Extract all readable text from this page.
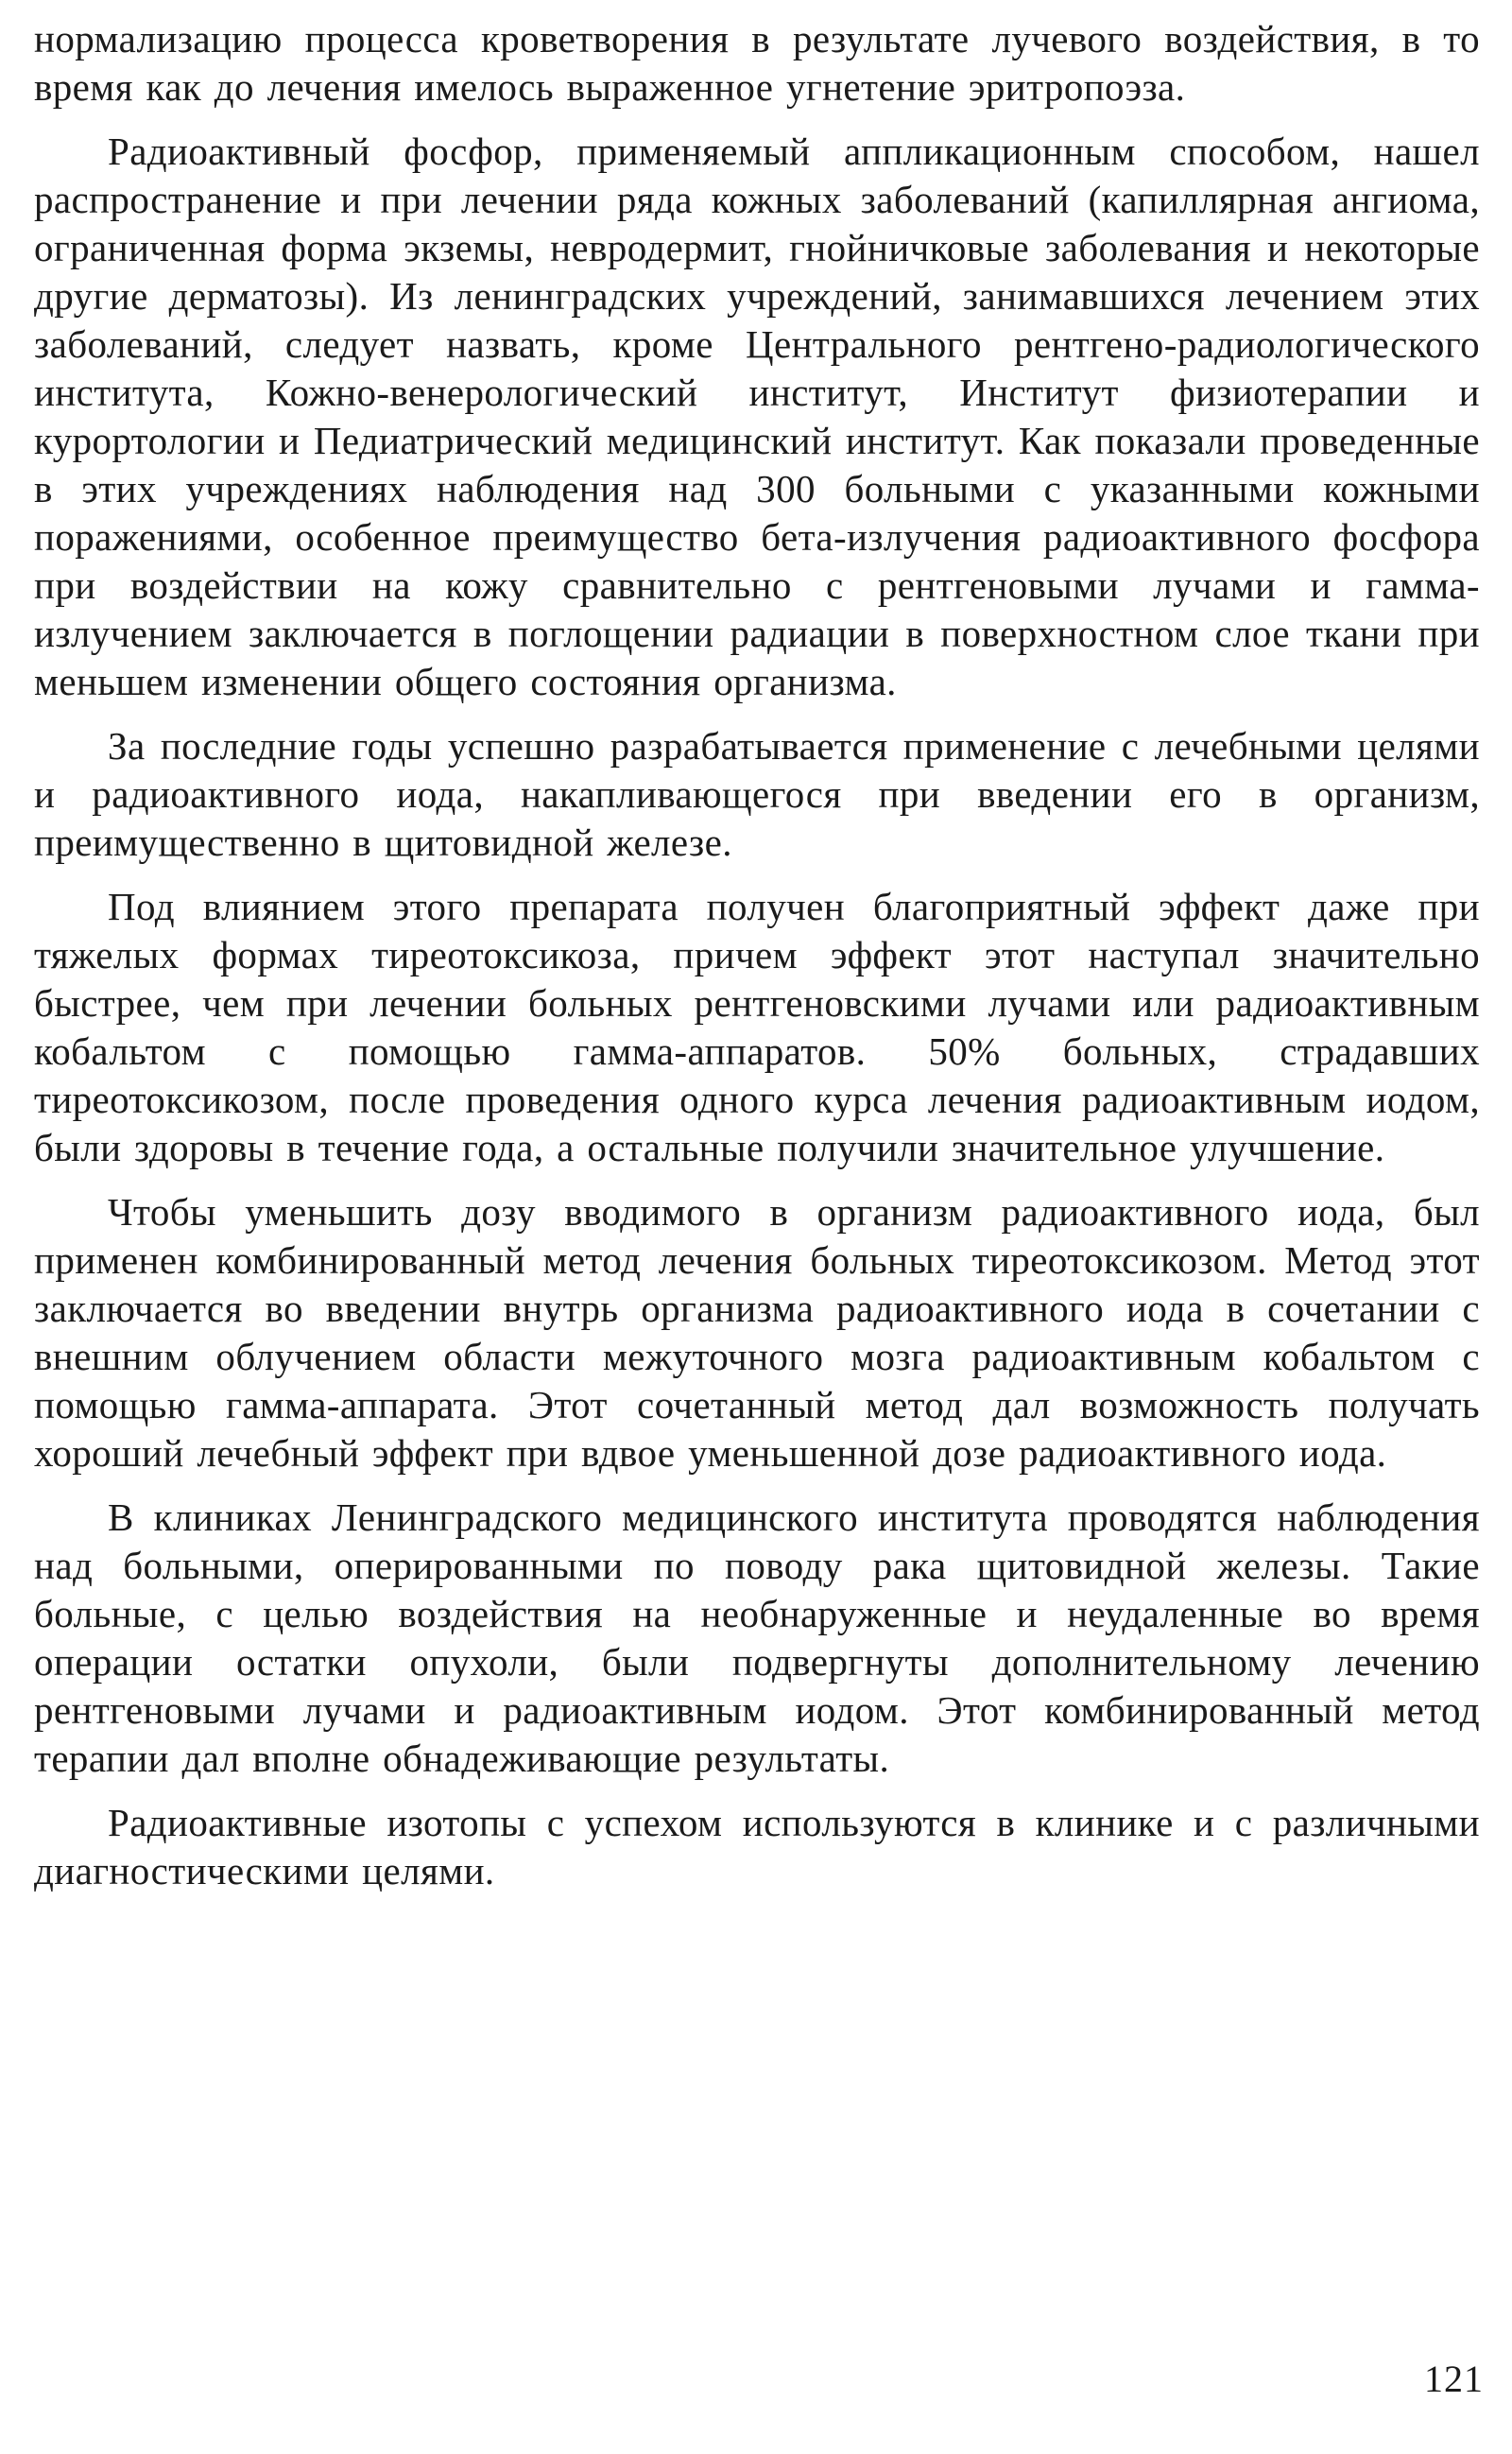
нормализацию процесса кроветворения в результате лучевого воздействия, в то время как до лечения имелось выраженное угнетение эритропоэза.

Радиоактивный фосфор, применяемый аппликационным способом, нашел распространение и при лечении ряда кожных заболеваний (капиллярная ангиома, ограниченная форма экземы, невродермит, гнойничковые заболевания и некоторые другие дерматозы). Из ленинградских учреждений, занимавшихся лечением этих заболеваний, следует назвать, кроме Центрального рентгено-радиологического института, Кожно-венерологический институт, Институт физиотерапии и курортологии и Педиатрический медицинский институт. Как показали проведенные в этих учреждениях наблюдения над 300 больными с указанными кожными поражениями, особенное преимущество бета-излучения радиоактивного фосфора при воздействии на кожу сравнительно с рентгеновыми лучами и гамма-излучением заключается в поглощении радиации в поверхностном слое ткани при меньшем изменении общего состояния организма.

За последние годы успешно разрабатывается применение с лечебными целями и радиоактивного иода, накапливающегося при введении его в организм, преимущественно в щитовидной железе.

Под влиянием этого препарата получен благоприятный эффект даже при тяжелых формах тиреотоксикоза, причем эффект этот наступал значительно быстрее, чем при лечении больных рентгеновскими лучами или радиоактивным кобальтом с помощью гамма-аппаратов. 50% больных, страдавших тиреотоксикозом, после проведения одного курса лечения радиоактивным иодом, были здоровы в течение года, а остальные получили значительное улучшение.

Чтобы уменьшить дозу вводимого в организм радиоактивного иода, был применен комбинированный метод лечения больных тиреотоксикозом. Метод этот заключается во введении внутрь организма радиоактивного иода в сочетании с внешним облучением области межуточного мозга радиоактивным кобальтом с помощью гамма-аппарата. Этот сочетанный метод дал возможность получать хороший лечебный эффект при вдвое уменьшенной дозе радиоактивного иода.

В клиниках Ленинградского медицинского института проводятся наблюдения над больными, оперированными по поводу рака щитовидной железы. Такие больные, с целью воздействия на необнаруженные и неудаленные во время операции остатки опухоли, были подвергнуты дополнительному лечению рентгеновыми лучами и радиоактивным иодом. Этот комбинированный метод терапии дал вполне обнадеживающие результаты.

Радиоактивные изотопы с успехом используются в клинике и с различными диагностическими целями.

121
